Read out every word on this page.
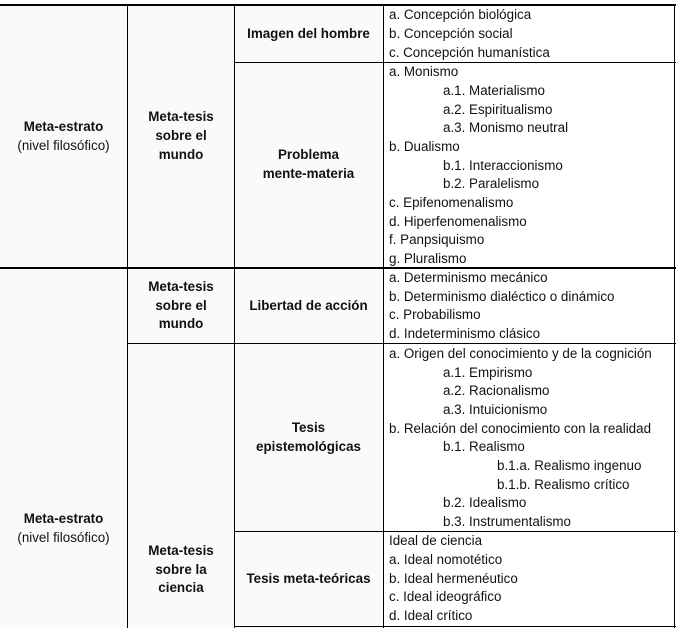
Meta-estrato
(nivel filosófico)
Meta-tesis sobre el mundo
Imagen del hombre
Problema
mente-materia
a. Concepción biológica
b. Concepción social
c. Concepción humanística
a. Monismo
a.1. Materialismo
a.2. Espiritualismo
a.3. Monismo neutral
b. Dualismo
b.1. Interaccionismo
b.2. Paralelismo
c. Epifenomenalismo
d. Hiperfenomenalismo
f. Panpsiquismo
g. Pluralismo
Meta-estrato
(nivel filosófico)
Meta-tesis sobre el mundo
Meta-tesis sobre la ciencia
Libertad de acción
Tesis
epistemológicas
Tesis meta-teóricas
a. Determinismo mecánico
b. Determinismo dialéctico o dinámico
c. Probabilismo
d. Indeterminismo clásico
a. Origen del conocimiento y de la cognición
a.1. Empirismo
a.2. Racionalismo
a.3. Intuicionismo
b. Relación del conocimiento con la realidad
b.1. Realismo
b.1.a. Realismo ingenuo
b.1.b. Realismo crítico
b.2. Idealismo
b.3. Instrumentalismo
Ideal de ciencia
a. Ideal nomotético
b. Ideal hermenéutico
c. Ideal ideográfico
d. Ideal crítico
